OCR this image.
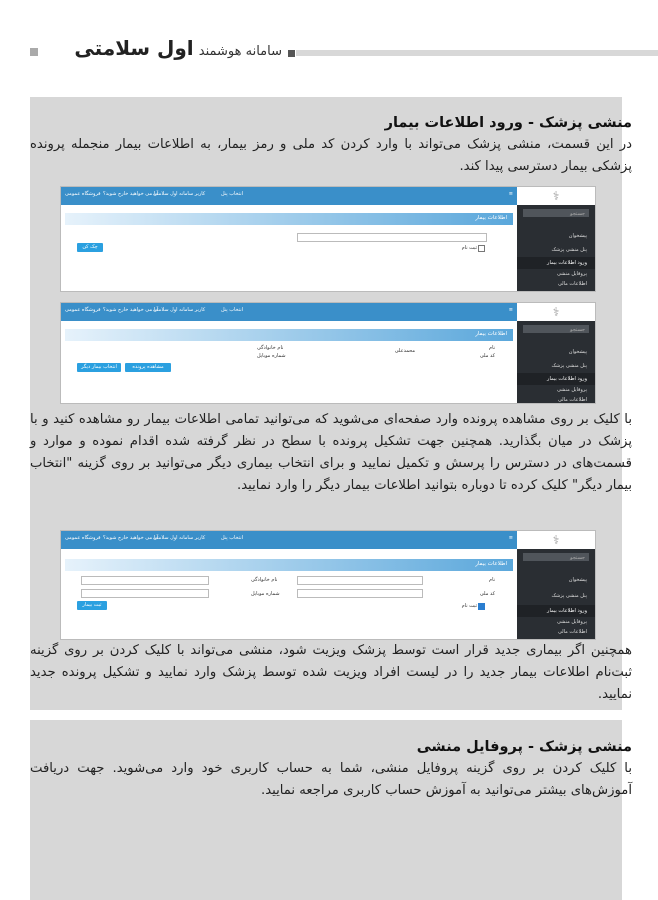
سامانه هوشمند اول سلامتی
منشی پزشک - ورود اطلاعات بیمار
در این قسمت، منشی پزشک می‌تواند با وارد کردن کد ملی و رمز بیمار، به اطلاعات بیمار منجمله پرونده پزشکی بیمار دسترسی پیدا کند.
فروشگاه عمومی آیا می خواهید خارج شوید؟
کاربر سامانه اول سلامتی	انتخاب پنل	≡	⚕
جستجو
پیشخوان
پنل منشی پزشک
ورود اطلاعات بیمار
پروفایل منشی
اطلاعات مالی
اطلاعات بیمار
ثبت نام
چک کن
فروشگاه عمومی آیا می خواهید خارج شوید؟
کاربر سامانه اول سلامتی	انتخاب پنل	≡	⚕
جستجو
پیشخوان
پنل منشی پزشک
ورود اطلاعات بیمار
پروفایل منشی
اطلاعات مالی
اطلاعات بیمار
نام
محمدعلی
نام خانوادگی
کد ملی
شماره موبایل
انتخاب بیمار دیگر	مشاهده پرونده
با کلیک بر روی مشاهده پرونده وارد صفحه‌ای می‌شوید که می‌توانید تمامی اطلاعات بیمار رو مشاهده کنید و با پزشک در میان بگذارید. همچنین جهت تشکیل پرونده با سطح در نظر گرفته شده اقدام نموده و موارد و قسمت‌های در دسترس را پرسش و تکمیل نمایید و برای انتخاب بیماری دیگر می‌توانید بر روی گزینه "انتخاب بیمار دیگر" کلیک کرده تا دوباره بتوانید اطلاعات بیمار دیگر را وارد نمایید.
فروشگاه عمومی آیا می خواهید خارج شوید؟
کاربر سامانه اول سلامتی	انتخاب پنل	≡	⚕
جستجو
پیشخوان
پنل منشی پزشک
ورود اطلاعات بیمار
پروفایل منشی
اطلاعات مالی
اطلاعات بیمار
نام
نام خانوادگی
کد ملی
شماره موبایل
ثبت نام
ثبت بیمار
همچنین اگر بیماری جدید قرار است توسط پزشک ویزیت شود، منشی می‌تواند با کلیک کردن بر روی گزینه ثبت‌نام اطلاعات بیمار جدید را در لیست افراد ویزیت شده توسط پزشک وارد نمایید و تشکیل پرونده جدید نمایید.
منشی پزشک - پروفایل منشی
با کلیک کردن بر روی گزینه پروفایل منشی، شما به حساب کاربری خود وارد می‌شوید. جهت دریافت آموزش‌های بیشتر می‌توانید به آموزش حساب کاربری مراجعه نمایید.
